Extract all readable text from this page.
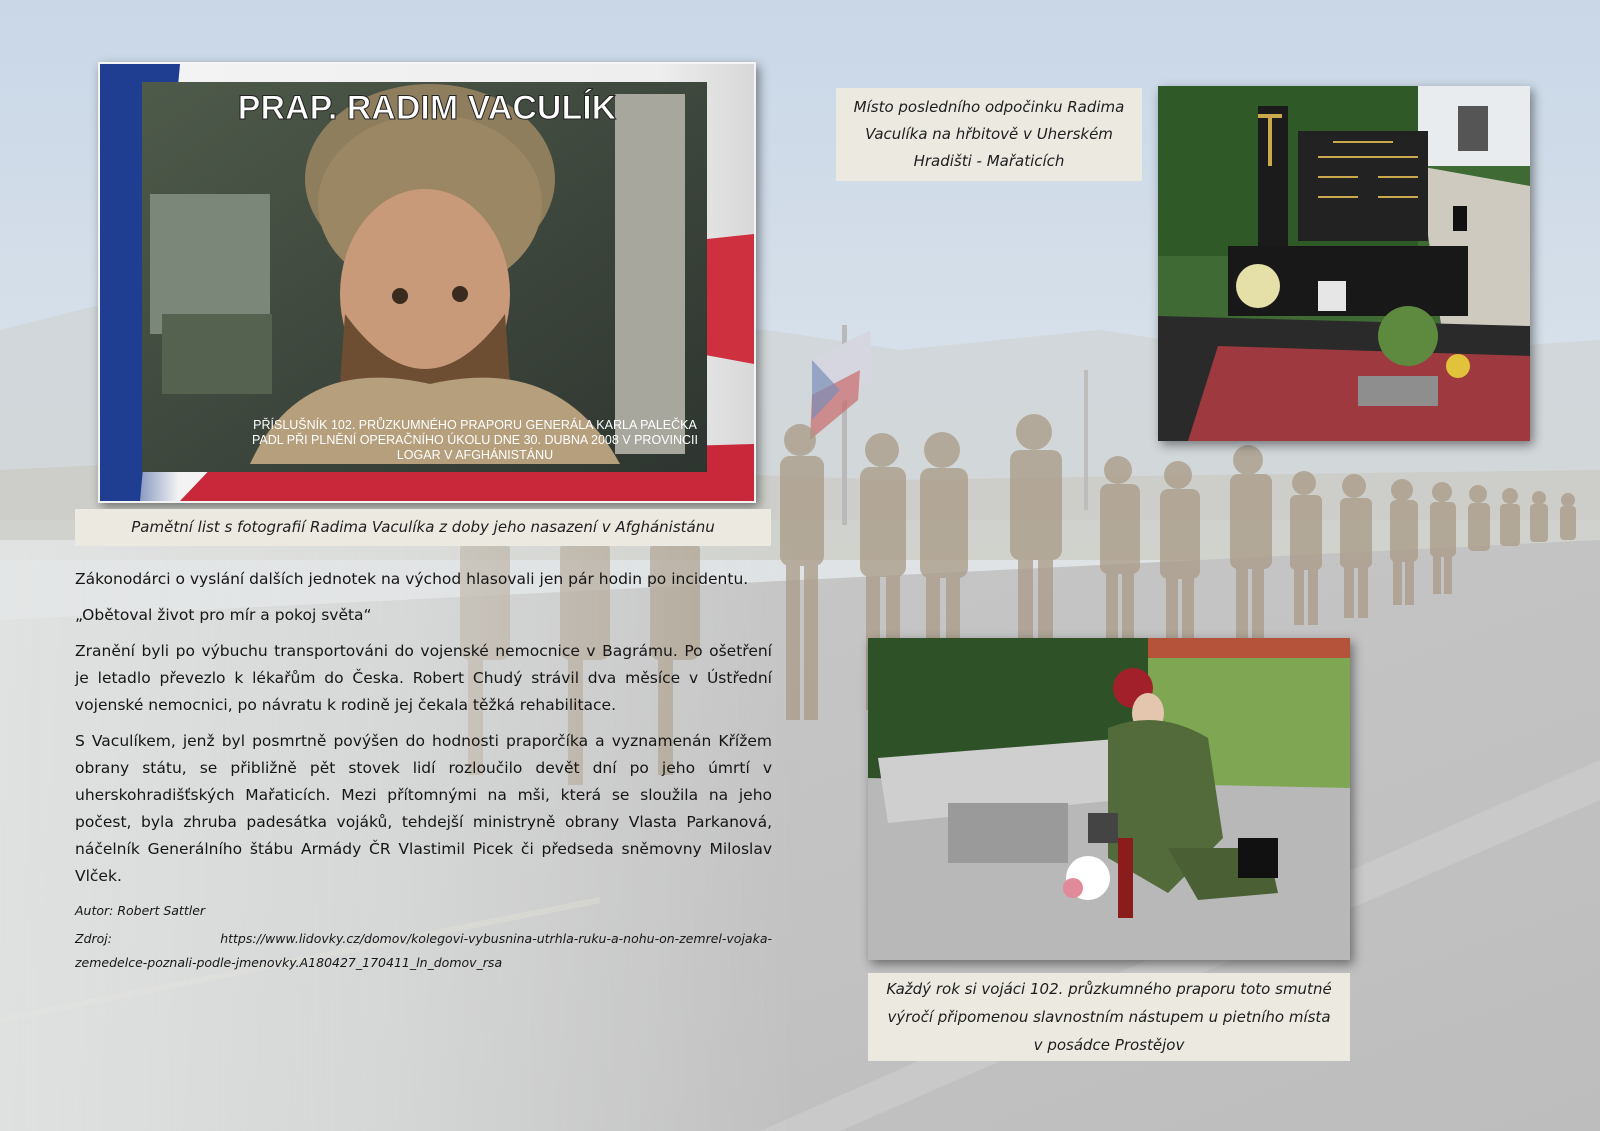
PRAP. RADIM VACULÍK
PŘÍSLUŠNÍK 102. PRŮZKUMNÉHO PRAPORU GENERÁLA KARLA PALEČKA
PADL PŘI PLNĚNÍ OPERAČNÍHO ÚKOLU DNE 30. DUBNA 2008 V PROVINCII
LOGAR V AFGHÁNISTÁNU
Pamětní list s fotografií Radima Vaculíka z doby jeho nasazení v Afghánistánu
Místo posledního odpočinku Radima Vaculíka na hřbitově v Uherském Hradišti - Mařaticích

Zákonodárci o vyslání dalších jednotek na východ hlasovali jen pár hodin po incidentu.

„Obětoval život pro mír a pokoj světa“

Zranění byli po výbuchu transportováni do vojenské nemocnice v Bagrámu. Po ošetření je letadlo převezlo k lékařům do Česka. Robert Chudý strávil dva měsíce v Ústřední vojenské nemocnici, po návratu k rodině jej čekala těžká rehabilitace.

S Vaculíkem, jenž byl posmrtně povýšen do hodnosti praporčíka a vyznamenán Křížem obrany státu, se přibližně pět stovek lidí rozloučilo devět dní po jeho úmrtí v uherskohradišťských Mařaticích. Mezi přítomnými na mši, která se sloužila na jeho počest, byla zhruba padesátka vojáků, tehdejší ministryně obrany Vlasta Parkanová, náčelník Generálního štábu Armády ČR Vlastimil Picek či předseda sněmovny Miloslav Vlček.

Autor: Robert Sattler

Zdroj:	https://www.lidovky.cz/domov/kolegovi-vybusnina-utrhla-ruku-a-nohu-on-zemrel-vojaka-zemedelce-poznali-podle-jmenovky.A180427_170411_ln_domov_rsa

Každý rok si vojáci 102. průzkumného praporu toto smutné výročí připomenou slavnostním nástupem u pietního místa v posádce Prostějov
